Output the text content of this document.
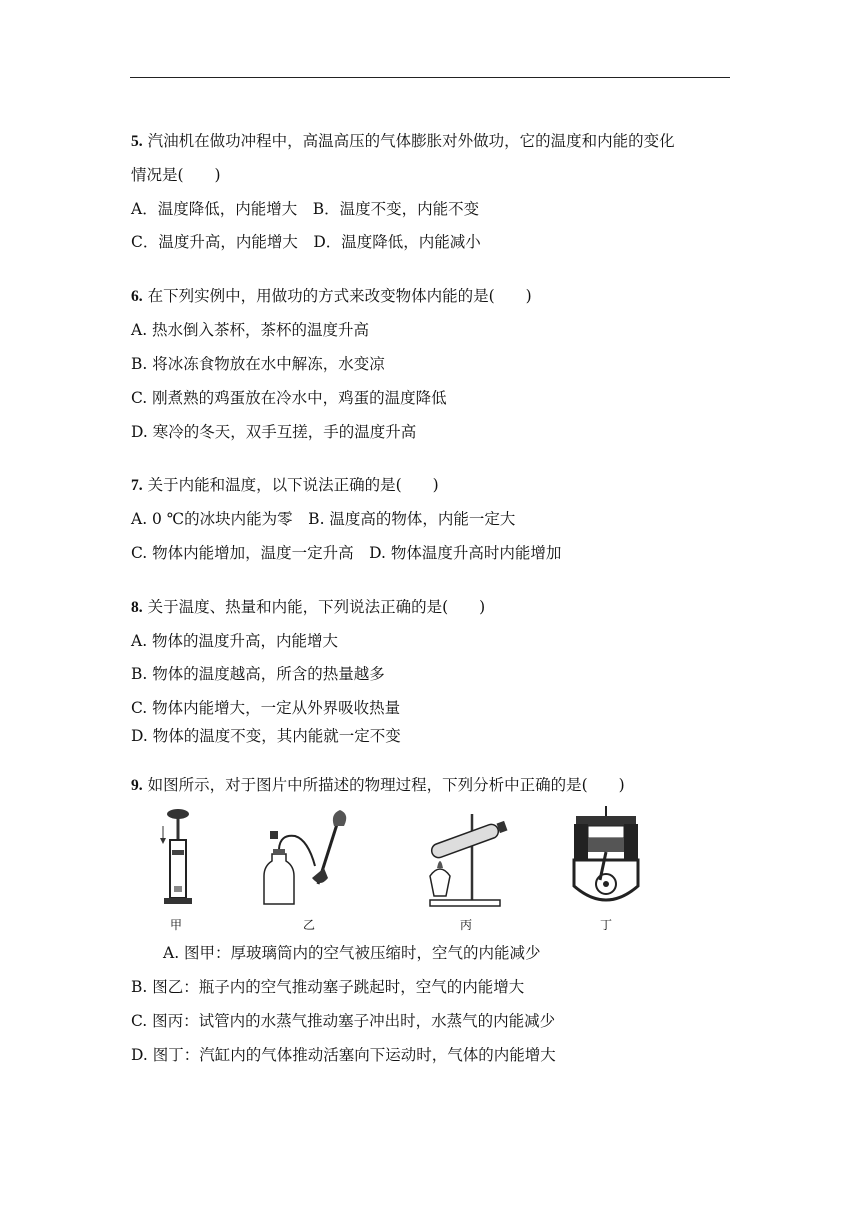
5. 汽油机在做功冲程中，高温高压的气体膨胀对外做功，它的温度和内能的变化
情况是(　　)
A．温度降低，内能增大　B．温度不变，内能不变
C．温度升高，内能增大　D．温度降低，内能减小
6. 在下列实例中，用做功的方式来改变物体内能的是(　　)
A. 热水倒入茶杯，茶杯的温度升高
B. 将冰冻食物放在水中解冻，水变凉
C. 刚煮熟的鸡蛋放在冷水中，鸡蛋的温度降低
D. 寒冷的冬天，双手互搓，手的温度升高
7. 关于内能和温度，以下说法正确的是(　　)
A. 0 ℃的冰块内能为零　B. 温度高的物体，内能一定大
C. 物体内能增加，温度一定升高　D. 物体温度升高时内能增加
8. 关于温度、热量和内能，下列说法正确的是(　　)
A. 物体的温度升高，内能增大
B. 物体的温度越高，所含的热量越多
C. 物体内能增大，一定从外界吸收热量
D. 物体的温度不变，其内能就一定不变
9. 如图所示，对于图片中所描述的物理过程，下列分析中正确的是(　　)
甲	乙	丙	丁
A. 图甲：厚玻璃筒内的空气被压缩时，空气的内能减少
B. 图乙：瓶子内的空气推动塞子跳起时，空气的内能增大
C. 图丙：试管内的水蒸气推动塞子冲出时，水蒸气的内能减少
D. 图丁：汽缸内的气体推动活塞向下运动时，气体的内能增大
